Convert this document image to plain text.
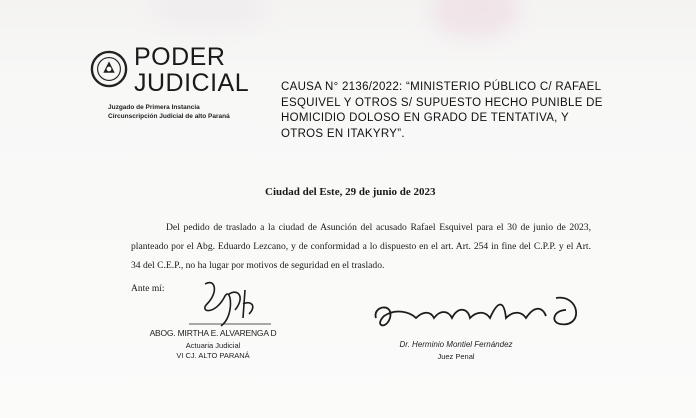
PODER
JUDICIAL
Juzgado de Primera Instancia
Circunscripción Judicial de alto Paraná
CAUSA N° 2136/2022: “MINISTERIO PÚBLICO C/ RAFAEL ESQUIVEL Y OTROS S/ SUPUESTO HECHO PUNIBLE DE HOMICIDIO DOLOSO EN GRADO DE TENTATIVA, Y OTROS EN ITAKYRY”.
Ciudad del Este, 29 de junio de 2023

Del pedido de traslado a la ciudad de Asunción del acusado Rafael Esquivel para el 30 de junio de 2023, planteado por el Abg. Eduardo Lezcano, y de conformidad a lo dispuesto en el art. Art. 254 in fine del C.P.P. y el Art. 34 del C.E.P., no ha lugar por motivos de seguridad en el traslado.

Ante mí:
ABOG. MIRTHA E. ALVARENGA D
Actuaria Judicial
VI CJ. ALTO PARANÁ
Dr. Herminio Montiel Fernández
Juez Penal
